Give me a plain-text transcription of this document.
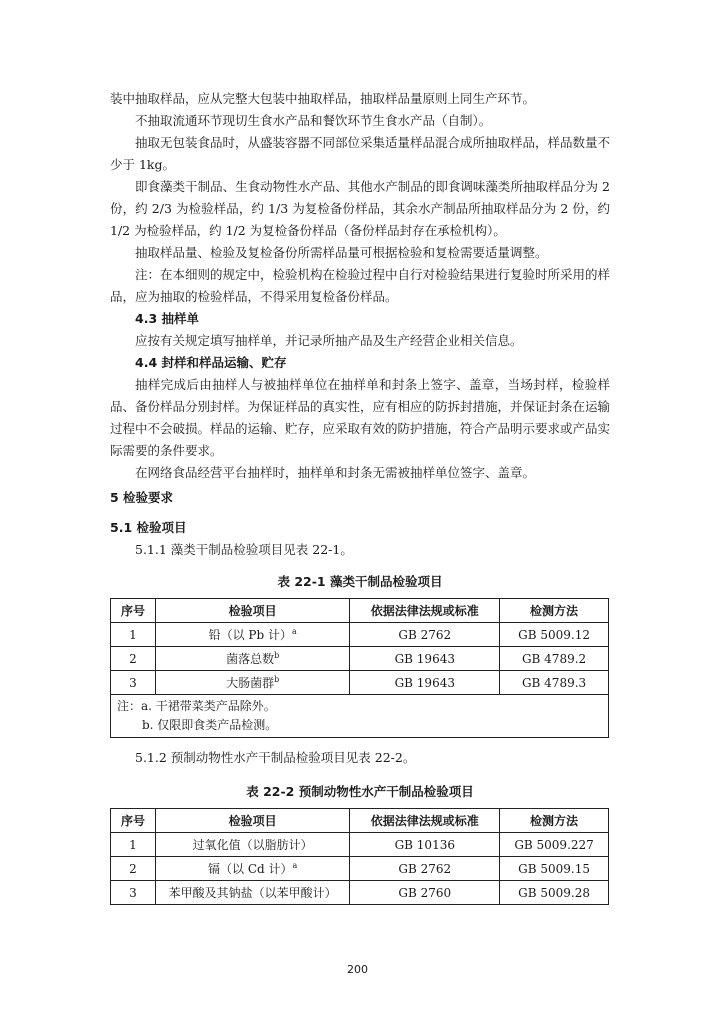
装中抽取样品，应从完整大包装中抽取样品，抽取样品量原则上同生产环节。

不抽取流通环节现切生食水产品和餐饮环节生食水产品（自制）。

抽取无包装食品时，从盛装容器不同部位采集适量样品混合成所抽取样品，样品数量不少于 1kg。

即食藻类干制品、生食动物性水产品、其他水产制品的即食调味藻类所抽取样品分为 2 份，约 2/3 为检验样品，约 1/3 为复检备份样品，其余水产制品所抽取样品分为 2 份，约 1/2 为检验样品，约 1/2 为复检备份样品（备份样品封存在承检机构）。

抽取样品量、检验及复检备份所需样品量可根据检验和复检需要适量调整。

注：在本细则的规定中，检验机构在检验过程中自行对检验结果进行复验时所采用的样品，应为抽取的检验样品，不得采用复检备份样品。

4.3 抽样单

应按有关规定填写抽样单，并记录所抽产品及生产经营企业相关信息。

4.4 封样和样品运输、贮存

抽样完成后由抽样人与被抽样单位在抽样单和封条上签字、盖章，当场封样，检验样品、备份样品分别封样。为保证样品的真实性，应有相应的防拆封措施，并保证封条在运输过程中不会破损。样品的运输、贮存，应采取有效的防护措施，符合产品明示要求或产品实际需要的条件要求。

在网络食品经营平台抽样时，抽样单和封条无需被抽样单位签字、盖章。

5 检验要求

5.1 检验项目

5.1.1 藻类干制品检验项目见表 22-1。

表 22-1 藻类干制品检验项目
序号	检验项目	依据法律法规或标准	检测方法
1	铅（以 Pb 计）$^a$	GB 2762	GB 5009.12
2	菌落总数$^b$	GB 19643	GB 4789.2
3	大肠菌群$^b$	GB 19643	GB 4789.3

注：a. 干裙带菜类产品除外。
b. 仅限即食类产品检测。			

5.1.2 预制动物性水产干制品检验项目见表 22-2。

表 22-2 预制动物性水产干制品检验项目
序号	检验项目	依据法律法规或标准	检测方法
1	过氧化值（以脂肪计）	GB 10136	GB 5009.227
2	镉（以 Cd 计）$^a$	GB 2762	GB 5009.15
3	苯甲酸及其钠盐（以苯甲酸计）	GB 2760	GB 5009.28
200
